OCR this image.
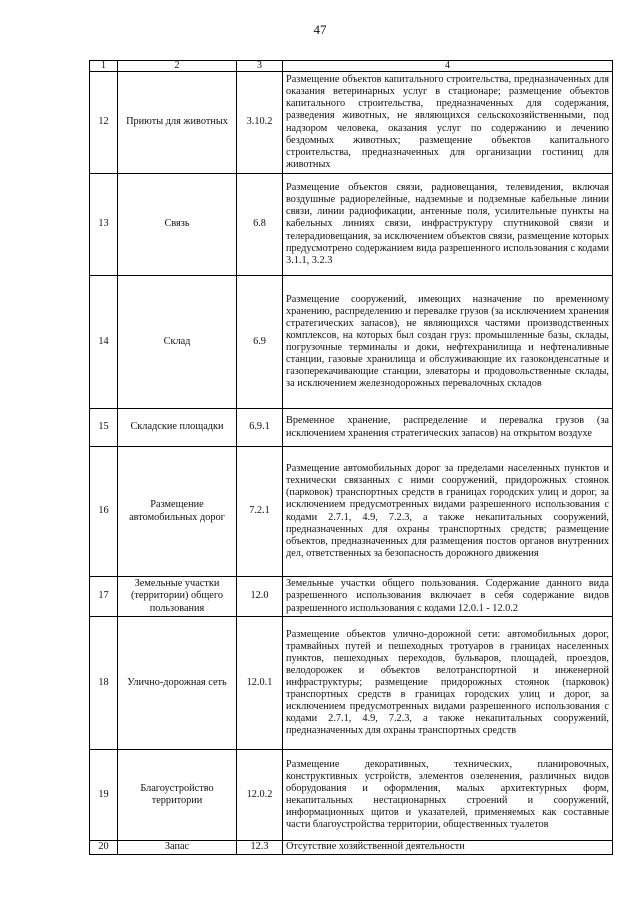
47
1	2	3	4
12	Приюты для животных	3.10.2	Размещение объектов капитального строительства, предназначенных для оказания ветеринарных услуг в стационаре; размещение объектов капитального строительства, предназначенных для содержания, разведения животных, не являющихся сельскохозяйственными, под надзором человека, оказания услуг по содержанию и лечению бездомных животных; размещение объектов капитального строительства, предназначенных для организации гостиниц для животных
13	Связь	6.8	Размещение объектов связи, радиовещания, телевидения, включая воздушные радиорелейные, надземные и подземные кабельные линии связи, линии радиофикации, антенные поля, усилительные пункты на кабельных линиях связи, инфраструктуру спутниковой связи и телерадиовещания, за исключением объектов связи, размещение которых предусмотрено содержанием вида разрешенного использования с кодами 3.1.1, 3.2.3
14	Склад	6.9	Размещение сооружений, имеющих назначение по временному хранению, распределению и перевалке грузов (за исключением хранения стратегических запасов), не являющихся частями производственных комплексов, на которых был создан груз: промышленные базы, склады, погрузочные терминалы и доки, нефтехранилища и нефтеналивные станции, газовые хранилища и обслуживающие их газоконденсатные и газоперекачивающие станции, элеваторы и продовольственные склады, за исключением железнодорожных перевалочных складов
15	Складские площадки	6.9.1	Временное хранение, распределение и перевалка грузов (за исключением хранения стратегических запасов) на открытом воздухе
16	Размещение автомобильных дорог	7.2.1	Размещение автомобильных дорог за пределами населенных пунктов и технически связанных с ними сооружений, придорожных стоянок (парковок) транспортных средств в границах городских улиц и дорог, за исключением предусмотренных видами разрешенного использования с кодами 2.7.1, 4.9, 7.2.3, а также некапитальных сооружений, предназначенных для охраны транспортных средств; размещение объектов, предназначенных для размещения постов органов внутренних дел, ответственных за безопасность дорожного движения
17	Земельные участки (территории) общего пользования	12.0	Земельные участки общего пользования. Содержание данного вида разрешенного использования включает в себя содержание видов разрешенного использования с кодами 12.0.1 - 12.0.2
18	Улично-дорожная сеть	12.0.1	Размещение объектов улично-дорожной сети: автомобильных дорог, трамвайных путей и пешеходных тротуаров в границах населенных пунктов, пешеходных переходов, бульваров, площадей, проездов, велодорожек и объектов велотранспортной и инженерной инфраструктуры; размещение придорожных стоянок (парковок) транспортных средств в границах городских улиц и дорог, за исключением предусмотренных видами разрешенного использования с кодами 2.7.1, 4.9, 7.2.3, а также некапитальных сооружений, предназначенных для охраны транспортных средств
19	Благоустройство территории	12.0.2	Размещение декоративных, технических, планировочных, конструктивных устройств, элементов озеленения, различных видов оборудования и оформления, малых архитектурных форм, некапитальных нестационарных строений и сооружений, информационных щитов и указателей, применяемых как составные части благоустройства территории, общественных туалетов
20	Запас	12.3	Отсутствие хозяйственной деятельности
